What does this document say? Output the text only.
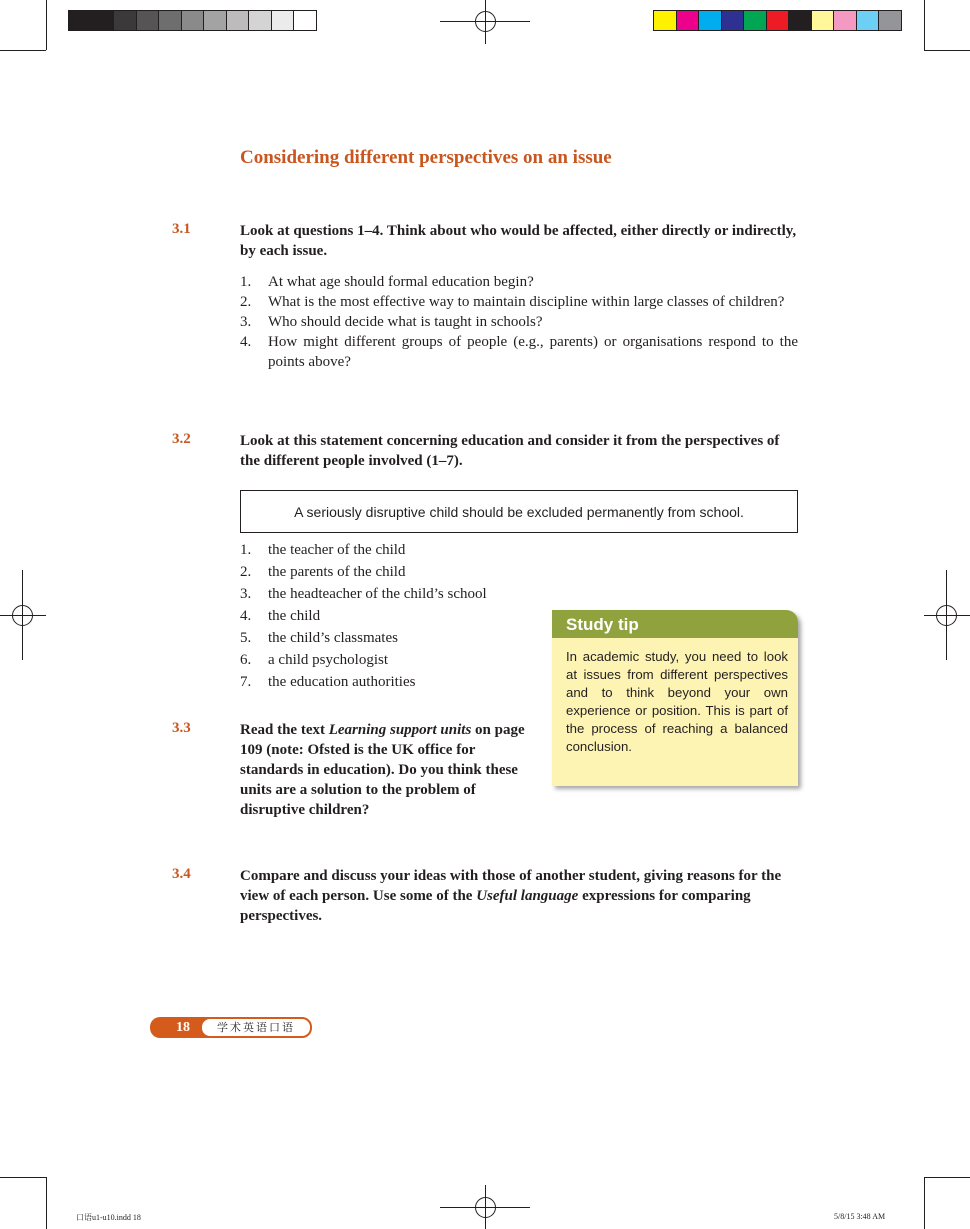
Considering different perspectives on an issue
3.1	Look at questions 1–4. Think about who would be affected, either directly or indirectly, by each issue.
1. At what age should formal education begin?
2. What is the most effective way to maintain discipline within large classes of children?
3. Who should decide what is taught in schools?
4. How might different groups of people (e.g., parents) or organisations respond to the points above?
3.2	Look at this statement concerning education and consider it from the perspectives of the different people involved (1–7).
A seriously disruptive child should be excluded permanently from school.
1. the teacher of the child
2. the parents of the child
3. the headteacher of the child’s school
4. the child
5. the child’s classmates
6. a child psychologist
7. the education authorities
Study tip
In academic study, you need to look at issues from different perspectives and to think beyond your own experience or position. This is part of the process of reaching a balanced conclusion.
3.3	Read the text Learning support units on page 109 (note: Ofsted is the UK office for standards in education). Do you think these units are a solution to the problem of disruptive children?
3.4	Compare and discuss your ideas with those of another student, giving reasons for the view of each person. Use some of the Useful language expressions for comparing perspectives.
18	学术英语口语
口语u1-u10.indd 18	5/8/15 3:48 AM
